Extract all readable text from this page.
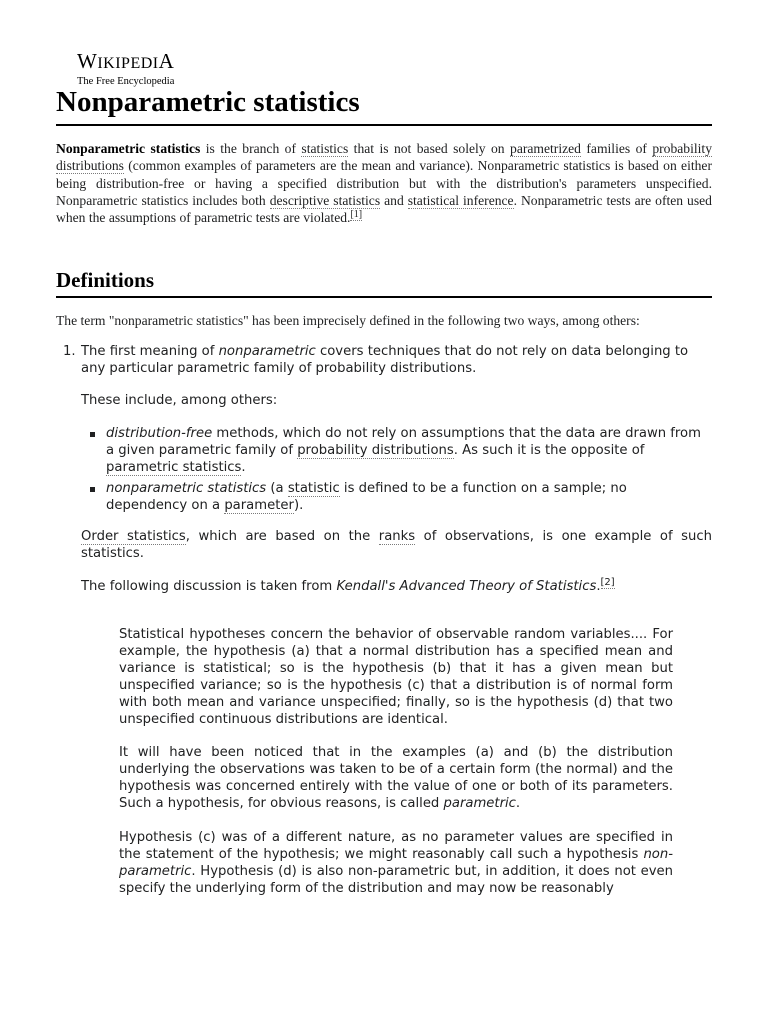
WIKIPEDIA
The Free Encyclopedia
Nonparametric statistics

Nonparametric statistics is the branch of statistics that is not based solely on parametrized families of probability distributions (common examples of parameters are the mean and variance). Nonparametric statistics is based on either being distribution-free or having a specified distribution but with the distribution's parameters unspecified. Nonparametric statistics includes both descriptive statistics and statistical inference. Nonparametric tests are often used when the assumptions of parametric tests are violated.[1]

Definitions

The term "nonparametric statistics" has been imprecisely defined in the following two ways, among others:

1. The first meaning of nonparametric covers techniques that do not rely on data belonging to any particular parametric family of probability distributions.

These include, among others:

distribution-free methods, which do not rely on assumptions that the data are drawn from a given parametric family of probability distributions. As such it is the opposite of parametric statistics.
nonparametric statistics (a statistic is defined to be a function on a sample; no dependency on a parameter).

Order statistics, which are based on the ranks of observations, is one example of such statistics.

The following discussion is taken from Kendall's Advanced Theory of Statistics.[2]

Statistical hypotheses concern the behavior of observable random variables.... For example, the hypothesis (a) that a normal distribution has a specified mean and variance is statistical; so is the hypothesis (b) that it has a given mean but unspecified variance; so is the hypothesis (c) that a distribution is of normal form with both mean and variance unspecified; finally, so is the hypothesis (d) that two unspecified continuous distributions are identical.

It will have been noticed that in the examples (a) and (b) the distribution underlying the observations was taken to be of a certain form (the normal) and the hypothesis was concerned entirely with the value of one or both of its parameters. Such a hypothesis, for obvious reasons, is called parametric.

Hypothesis (c) was of a different nature, as no parameter values are specified in the statement of the hypothesis; we might reasonably call such a hypothesis non-parametric. Hypothesis (d) is also non-parametric but, in addition, it does not even specify the underlying form of the distribution and may now be reasonably
